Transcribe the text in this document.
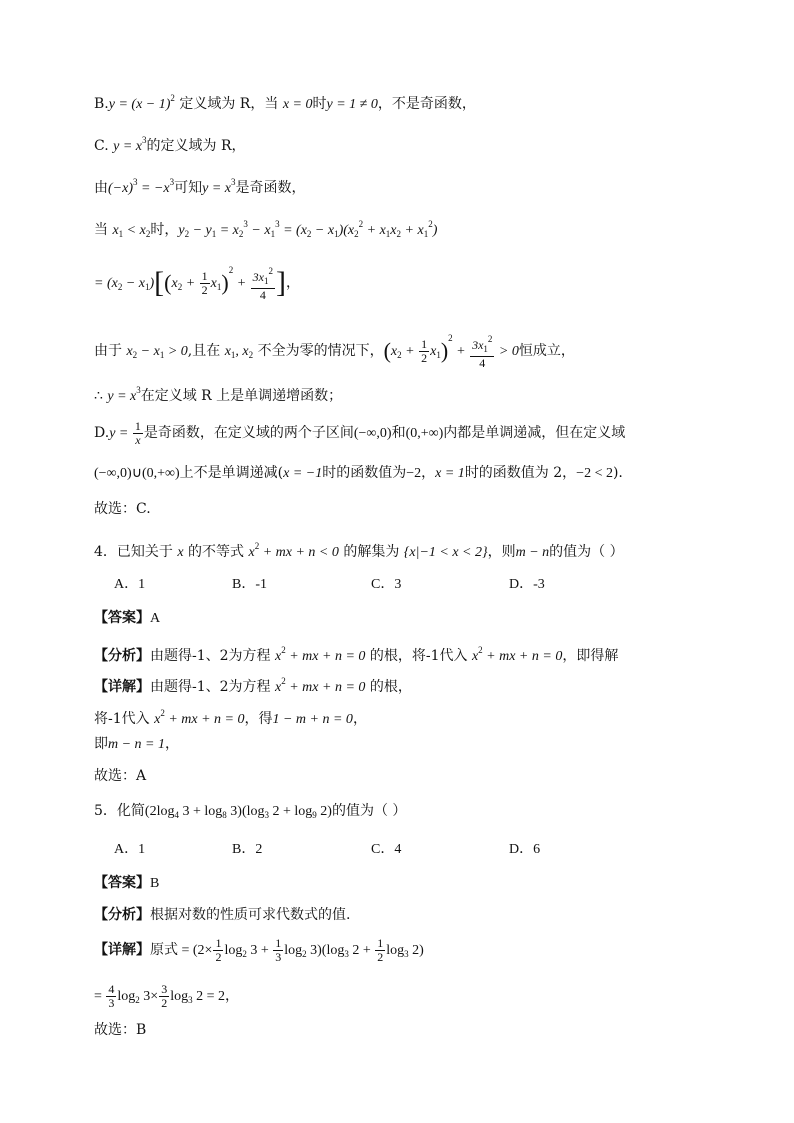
$B.y = (x - 1)^2$ 定义域为 R，当 x = 0时y = 1 ≠ 0，不是奇函数，
C. $y = x^3$的定义域为 R，
由$(-x)^3 = -x^3$可知$y = x^3$是奇函数，
当 $x_1 < x_2$时，$y_2 - y_1 = x_2^3 - x_1^3 = (x_2 - x_1)(x_2^2 + x_1x_2 + x_1^2)$
= $(x_2 - x_1)[(x_2 + \frac{1}{2} x_1)^2 + \frac{3x_1^2}{4}$ ]，
由于 $x_2 - x_1 > 0$,且在 $x_1$, $x_2$ 不全为零的情况下，$(x_2 + \frac{1}{2} x_1)^2 + \frac{3x_1^2}{4} > 0$恒成立，
∴ $y = x^3$在定义域 R 上是单调递增函数；
$D.y = \frac{1}{x}$ 是奇函数，在定义域的两个子区间(−∞,0)和(0,+∞)内都是单调递减，但在定义域
(−∞,0)∪(0,+∞)上不是单调递减(x = −1时的函数值为−2，x = 1时的函数值为 2，−2 < 2).
故选：C.
4．已知关于 x 的不等式 $x^2$ + mx + n < 0 的解集为 {x|−1 < x < 2}，则m − n的值为（ ）
A．1	B．-1	C．3	D．-3
【答案】A
【分析】由题得-1、2为方程 $x^2$ + mx + n = 0 的根，将-1代入 $x^2$ + mx + n = 0，即得解
【详解】由题得-1、2为方程 $x^2$ + mx + n = 0 的根，
将-1代入 $x^2$ + mx + n = 0，得1 − m + n = 0，
即m − n = 1，
故选：A
5．化简($2\log_4$ $3 + \log_8 3)(\log_3$ $2 + \log_9 2$)的值为（ ）
A．1	B．2	C．4	D．6
【答案】B
【分析】根据对数的性质可求代数式的值.
【详解】原式 = $(2\times \frac{1}{2} \log_2 3 + \frac{1}{3} \log_2 3)(\log_3$ $2 + \frac{1}{2} \log_3 2$)
= $\frac{4}{3} \log_2 3\times \frac{3}{2} \log_3 2 = 2$，
故选：B
